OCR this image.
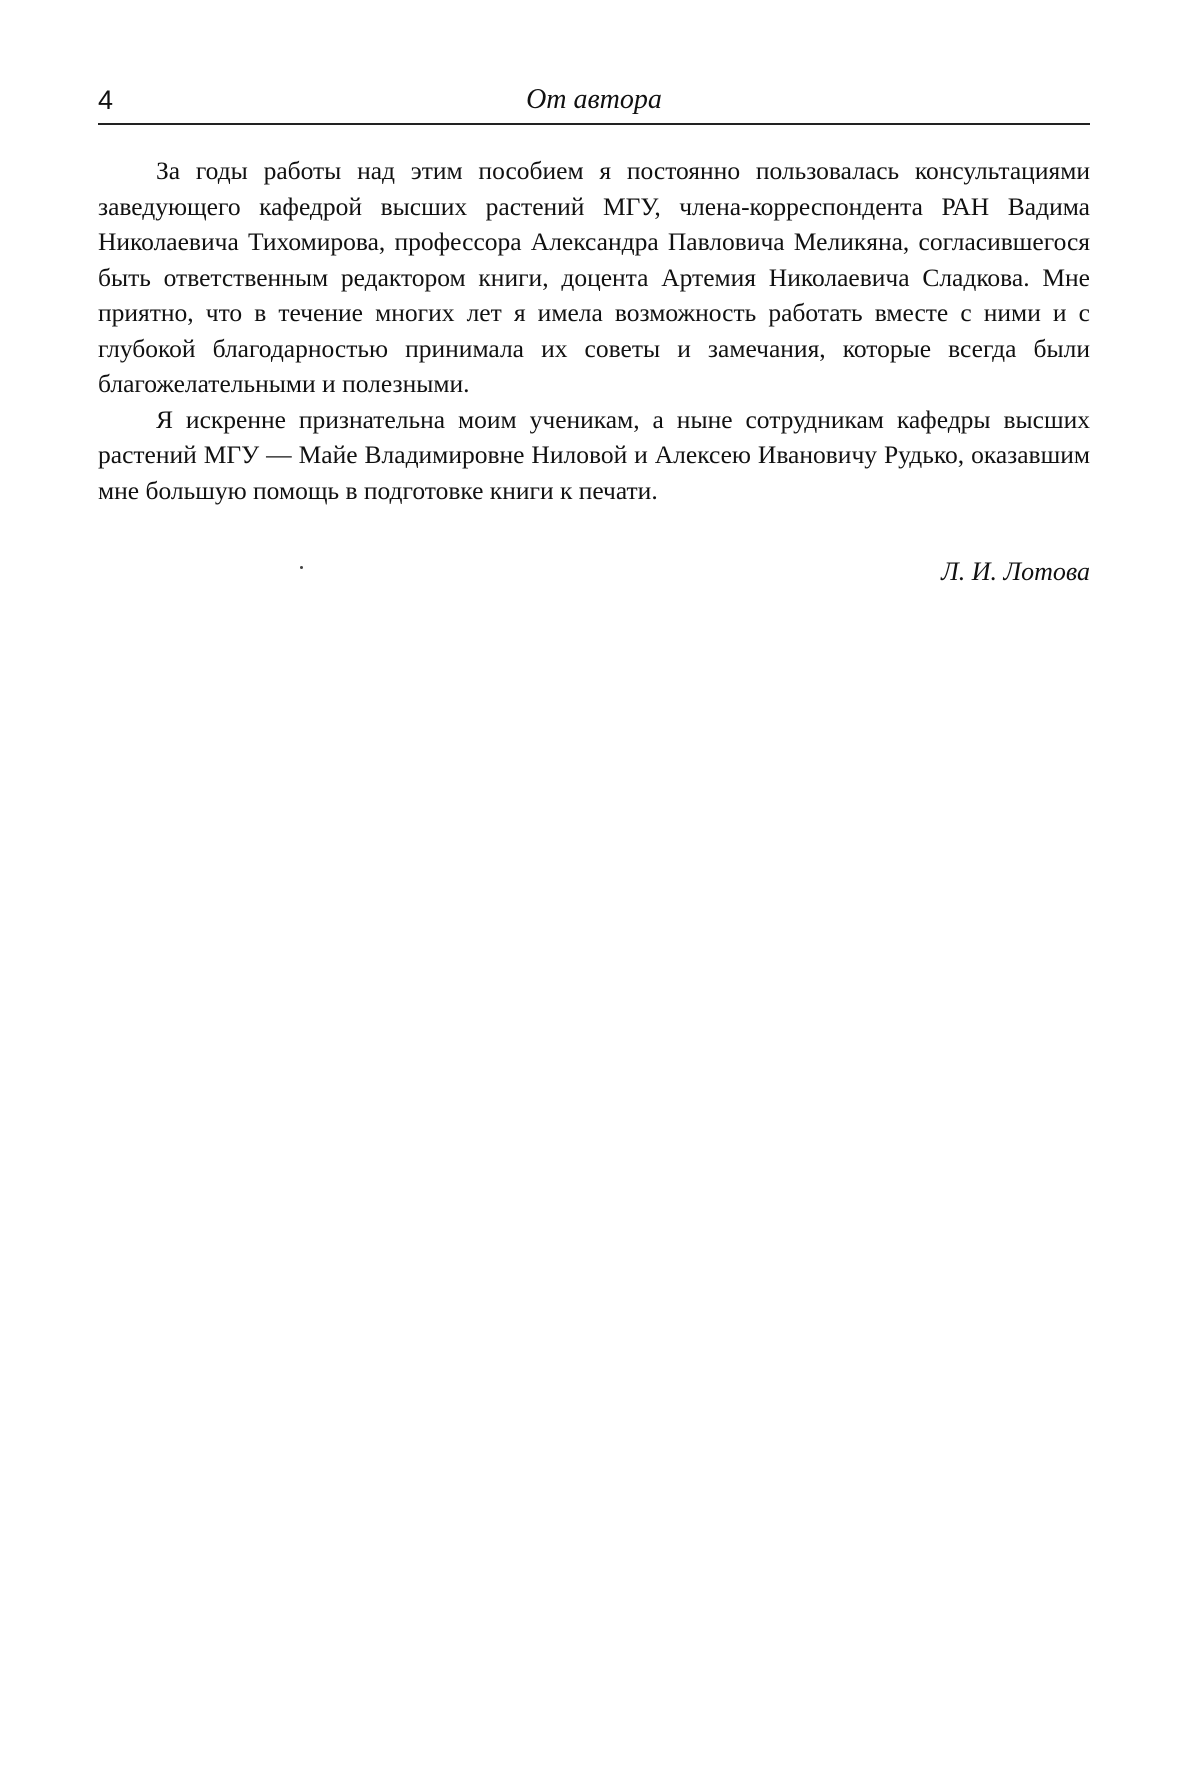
4	От автора

За годы работы над этим пособием я постоянно пользовалась консультациями заведующего кафедрой высших растений МГУ, члена-корреспондента РАН Вадима Николаевича Тихомирова, профессора Александра Павловича Меликяна, согласившегося быть ответственным редактором книги, доцента Артемия Николаевича Сладкова. Мне приятно, что в течение многих лет я имела возможность работать вместе с ними и с глубокой благодарностью принимала их советы и замечания, которые всегда были благожелательными и полезными.

Я искренне признательна моим ученикам, а ныне сотрудникам кафедры высших растений МГУ — Майе Владимировне Ниловой и Алексею Ивановичу Рудько, оказавшим мне большую помощь в подготовке книги к печати.

Л. И. Лотова
